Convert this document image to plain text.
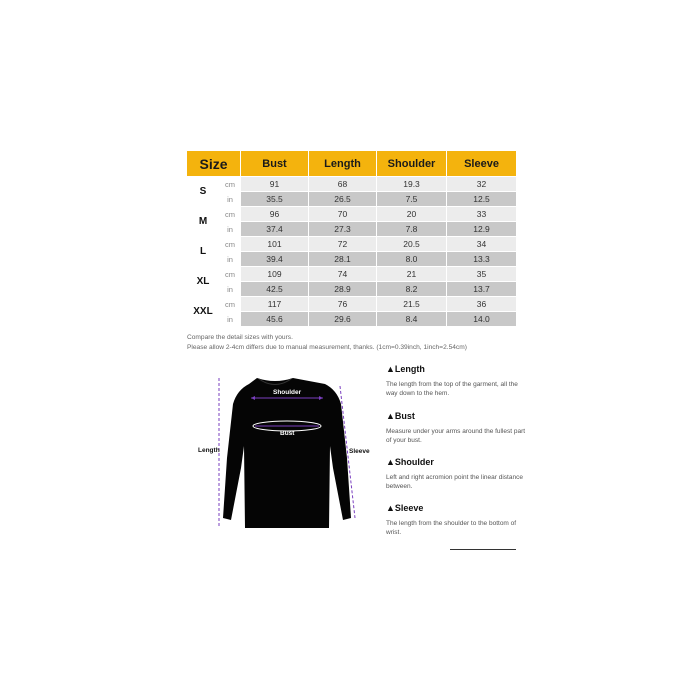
Size		Bust	Length	Shoulder	Sleeve
S	cm	91	68	19.3	32
	in	35.5	26.5	7.5	12.5
M	cm	96	70	20	33
	in	37.4	27.3	7.8	12.9
L	cm	101	72	20.5	34
	in	39.4	28.1	8.0	13.3
XL	cm	109	74	21	35
	in	42.5	28.9	8.2	13.7
XXL	cm	117	76	21.5	36
	in	45.6	29.6	8.4	14.0
Compare the detail sizes with yours.
Please allow 2-4cm differs due to manual measurement, thanks. (1cm=0.39inch, 1inch=2.54cm)
Shoulder
Bust
Length	Sleeve

▲Length

The length from the top of the garment, all the way down to the hem.

▲Bust

Measure under your arms around the fullest part of your bust.

▲Shoulder

Left and right acromion point the linear distance between.

▲Sleeve

The length from the shoulder to the bottom of wrist.
